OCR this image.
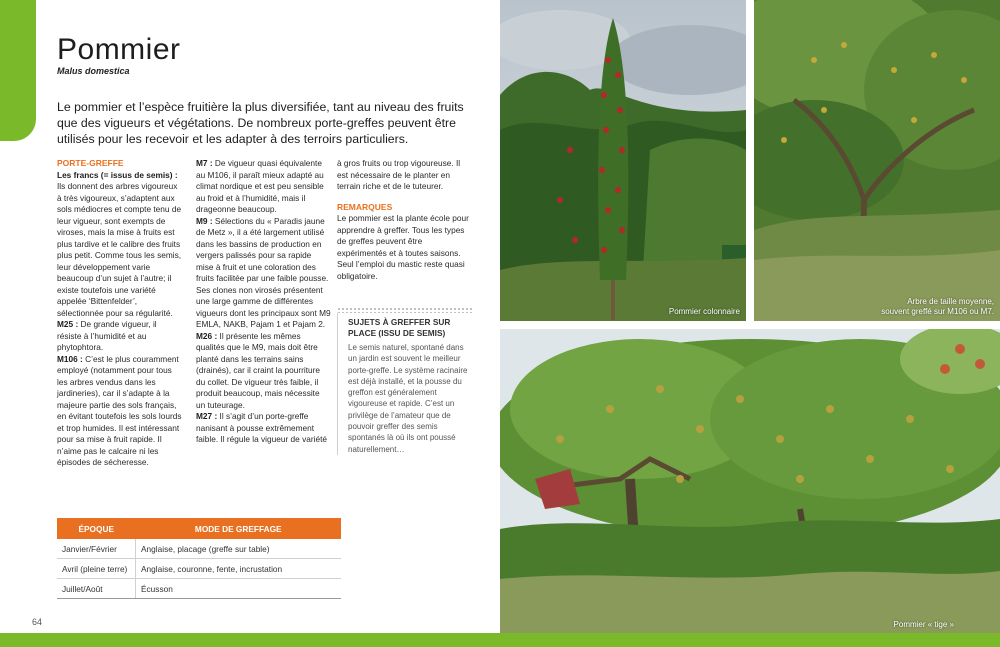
Pommier
Malus domestica
Le pommier et l’espèce fruitière la plus diversifiée, tant au niveau des fruits que des vigueurs et végétations. De nombreux porte-greffes peuvent être utilisés pour les recevoir et les adapter à des terroirs particuliers.
PORTE-GREFFE

Les francs (= issus de semis) : Ils donnent des arbres vigoureux à très vigoureux, s’adaptent aux sols médiocres et compte tenu de leur vigueur, sont exempts de viroses, mais la mise à fruits est plus tardive et le calibre des fruits plus petit. Comme tous les semis, leur développement varie beaucoup d’un sujet à l’autre; il existe toutefois une variété appelée ‘Bittenfelder’, sélectionnée pour sa régularité.

M25 : De grande vigueur, il résiste à l’humidité et au phytophtora.

M106 : C’est le plus couramment employé (notamment pour tous les arbres vendus dans les jardineries), car il s’adapte à la majeure partie des sols français, en évitant toutefois les sols lourds et trop humides. Il est intéressant pour sa mise à fruit rapide. Il n’aime pas le calcaire ni les épisodes de sécheresse.

M7 : De vigueur quasi équivalente au M106, il paraît mieux adapté au climat nordique et est peu sensible au froid et à l’humidité, mais il drageonne beaucoup.

M9 : Sélections du « Paradis jaune de Metz », il a été largement utilisé dans les bassins de production en vergers palissés pour sa rapide mise à fruit et une coloration des fruits facilitée par une faible pousse. Ses clones non virosés présentent une large gamme de différentes vigueurs dont les principaux sont M9 EMLA, NAKB, Pajam 1 et Pajam 2.

M26 : Il présente les mêmes qualités que le M9, mais doit être planté dans les terrains sains (drainés), car il craint la pourriture du collet. De vigueur très faible, il produit beaucoup, mais nécessite un tuteurage.

M27 : Il s’agit d’un porte-greffe nanisant à pousse extrêmement faible. Il régule la vigueur de variété

à gros fruits ou trop vigoureuse. Il est nécessaire de le planter en terrain riche et de le tuteurer.

REMARQUES

Le pommier est la plante école pour apprendre à greffer. Tous les types de greffes peuvent être expérimentés et à toutes saisons. Seul l’emploi du mastic reste quasi obligatoire.

SUJETS À GREFFER SUR PLACE (ISSU DE SEMIS)
Le semis naturel, spontané dans un jardin est souvent le meilleur porte-greffe. Le système racinaire est déjà installé, et la pousse du greffon est généralement vigoureuse et rapide. C’est un privilège de l’amateur que de pouvoir greffer des semis spontanés là où ils ont poussé naturellement…
ÉPOQUE	MODE DE GREFFAGE
Janvier/Février	Anglaise, placage (greffe sur table)
Avril (pleine terre)	Anglaise, couronne, fente, incrustation
Juillet/Août	Écusson
64
Pommier colonnaire
Arbre de taille moyenne,
souvent greffé sur M106 ou M7.
Pommier « tige »
